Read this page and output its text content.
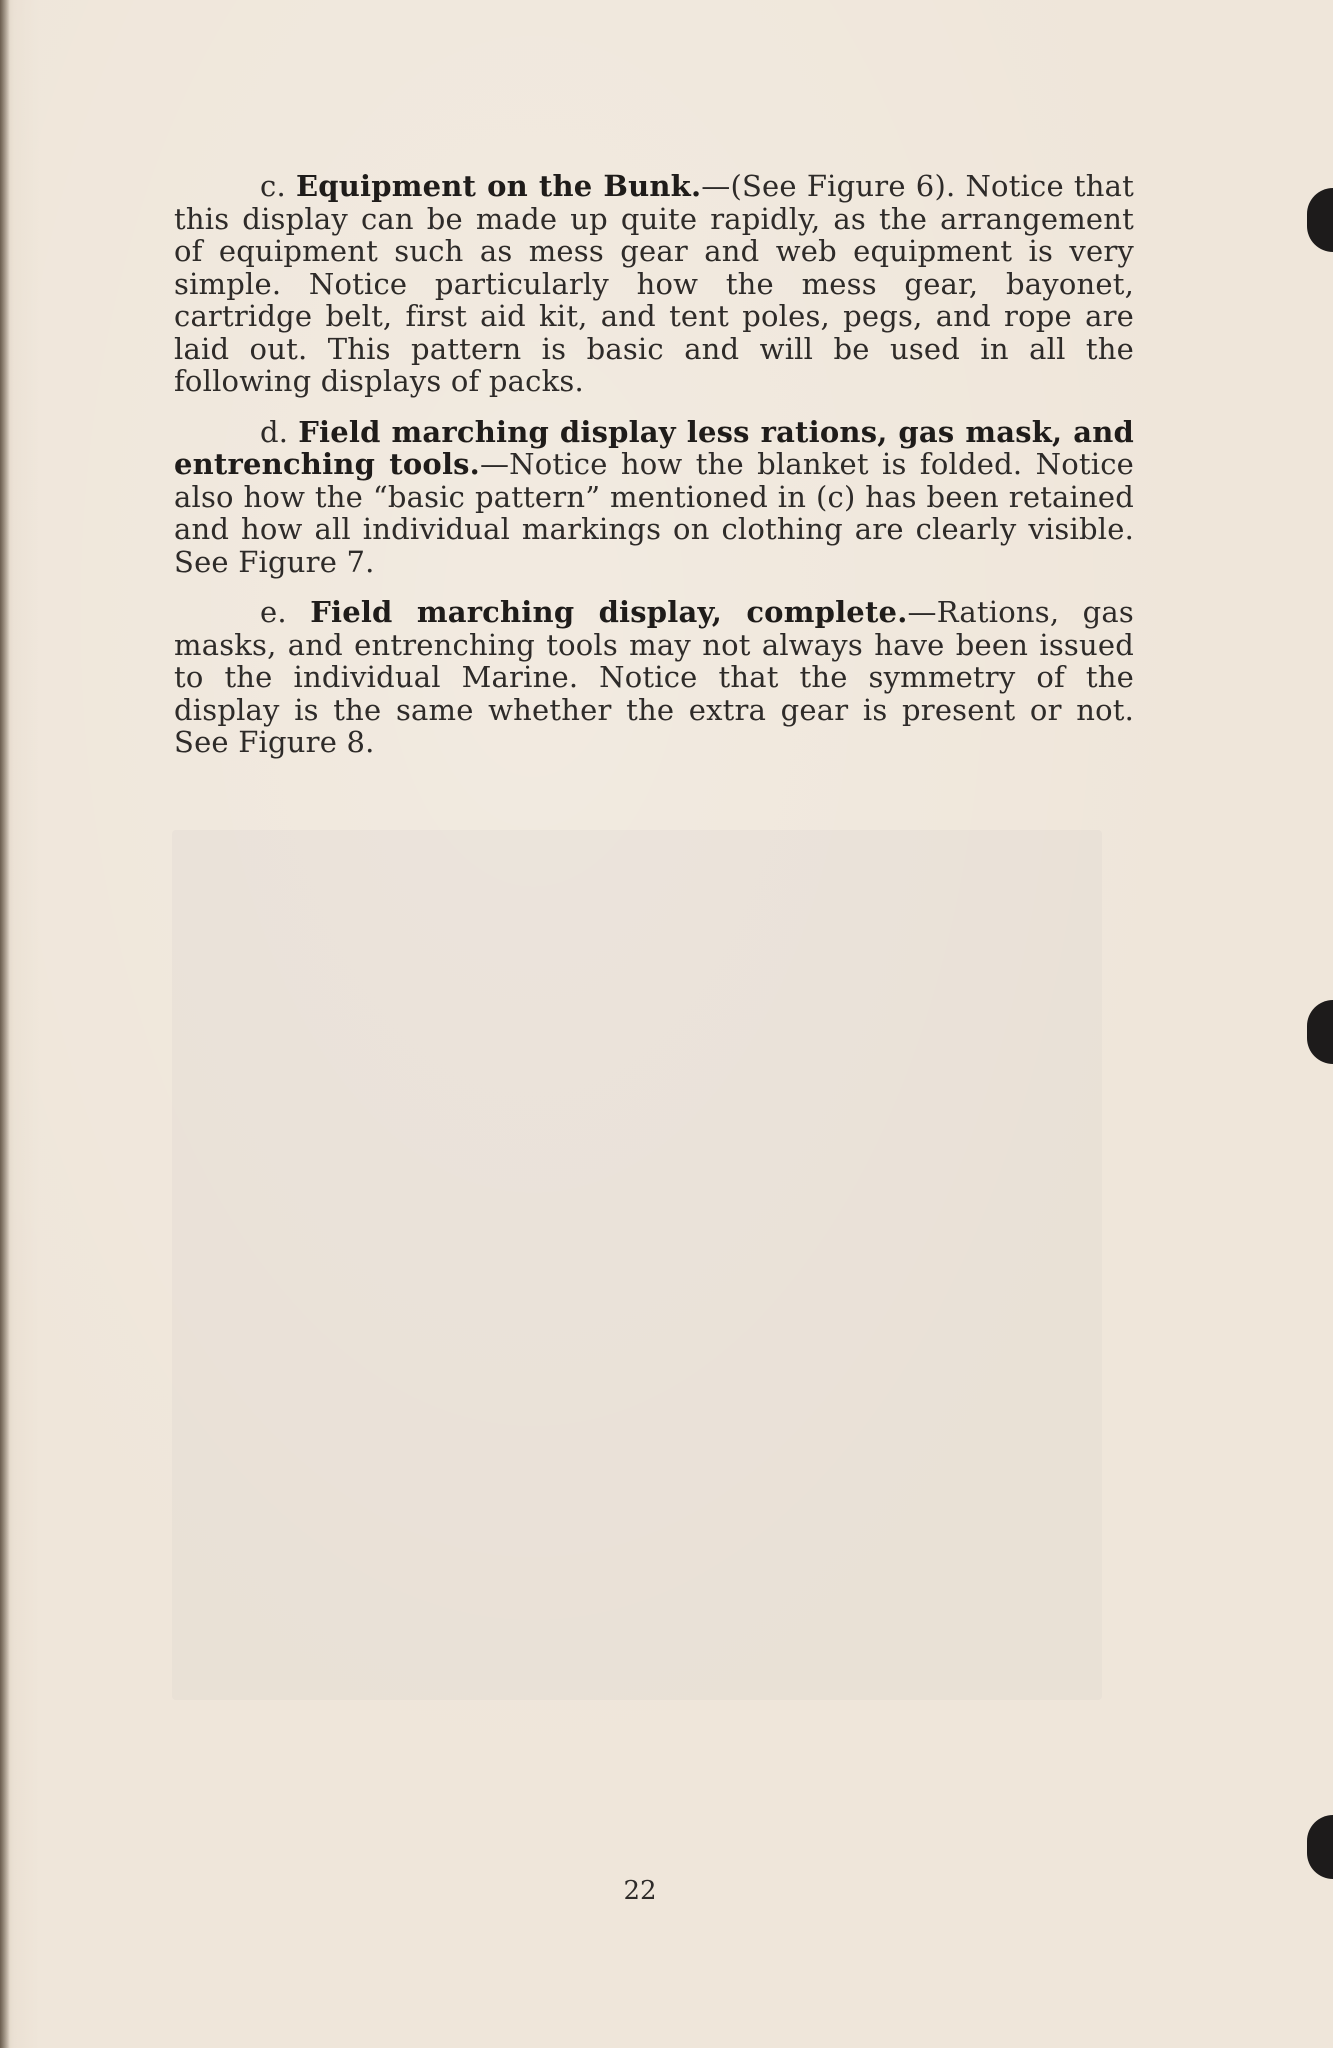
c. Equipment on the Bunk.—(See Figure 6). Notice that this display can be made up quite rapidly, as the arrangement of equipment such as mess gear and web equipment is very simple. Notice particularly how the mess gear, bayonet, cartridge belt, first aid kit, and tent poles, pegs, and rope are laid out. This pattern is basic and will be used in all the following displays of packs.

d. Field marching display less rations, gas mask, and entrenching tools.—Notice how the blanket is folded. Notice also how the “basic pattern” mentioned in (c) has been retained and how all individual markings on clothing are clearly visible. See Figure 7.

e. Field marching display, complete.—Rations, gas masks, and entrenching tools may not always have been issued to the individual Marine. Notice that the symmetry of the display is the same whether the extra gear is present or not. See Figure 8.

22
